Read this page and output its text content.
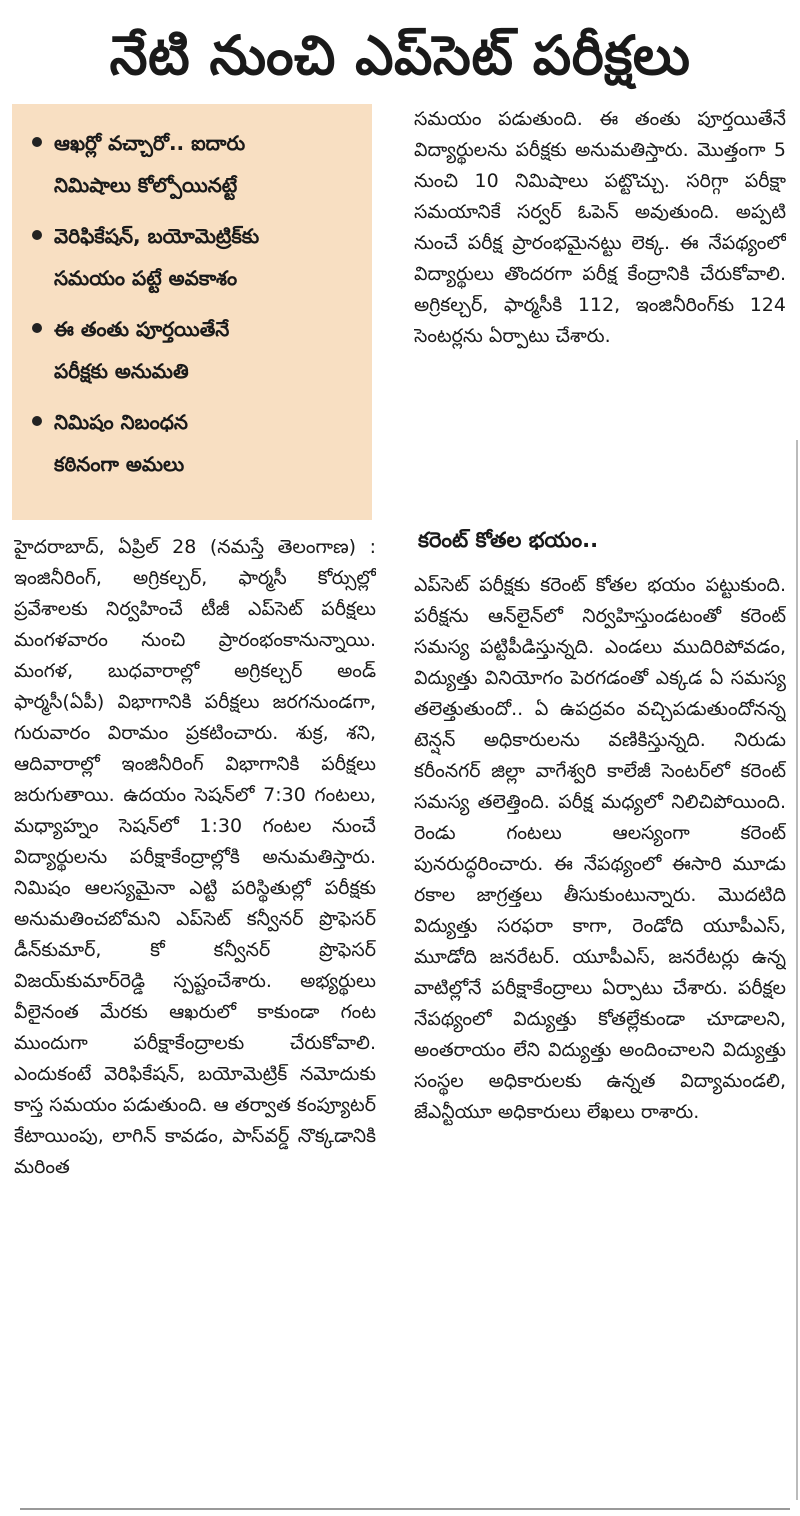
నేటి నుంచి ఎప్‌సెట్ పరీక్షలు
ఆఖర్లో వచ్చారో.. ఐదారు
నిమిషాలు కోల్పోయినట్టే
వెరిఫికేషన్, బయోమెట్రిక్‌కు
సమయం పట్టే అవకాశం
ఈ తంతు పూర్తయితేనే
పరీక్షకు అనుమతి
నిమిషం నిబంధన
కఠినంగా అమలు
హైదరాబాద్, ఏప్రిల్ 28 (నమస్తే తెలంగాణ) : ఇంజినీరింగ్, అగ్రికల్చర్, ఫార్మసీ కోర్సుల్లో ప్రవేశాలకు నిర్వహించే టీజీ ఎప్‌సెట్ పరీక్షలు మంగళవారం నుంచి ప్రారంభంకానున్నాయి. మంగళ, బుధవారాల్లో అగ్రికల్చర్ అండ్ ఫార్మసీ(ఏపీ) విభాగానికి పరీక్షలు జరగనుండగా, గురువారం విరామం ప్రకటించారు. శుక్ర, శని, ఆదివారాల్లో ఇంజినీరింగ్ విభాగానికి పరీక్షలు జరుగుతాయి. ఉదయం సెషన్‌లో 7:30 గంటలు, మధ్యాహ్నం సెషన్‌లో 1:30 గంటల నుంచే విద్యార్థులను పరీక్షాకేంద్రాల్లోకి అనుమతిస్తారు. నిమిషం ఆలస్యమైనా ఎట్టి పరిస్థితుల్లో పరీక్షకు అనుమతించబోమని ఎప్‌సెట్ కన్వీనర్ ప్రొఫెసర్ డీన్‌కుమార్, కో కన్వీనర్ ప్రొఫెసర్ విజయ్‌కుమార్‌రెడ్డి స్పష్టంచేశారు. అభ్యర్థులు వీలైనంత మేరకు ఆఖరులో కాకుండా గంట ముందుగా పరీక్షాకేంద్రాలకు చేరుకోవాలి. ఎందుకంటే వెరిఫికేషన్, బయోమెట్రిక్ నమోదుకు కాస్త సమయం పడుతుంది. ఆ తర్వాత కంప్యూటర్ కేటాయింపు, లాగిన్ కావడం, పాస్‌వర్డ్ నొక్కడానికి మరింత
సమయం పడుతుంది. ఈ తంతు పూర్తయితేనే విద్యార్థులను పరీక్షకు అనుమతిస్తారు. మొత్తంగా 5 నుంచి 10 నిమిషాలు పట్టొచ్చు. సరిగ్గా పరీక్షా సమయానికే సర్వర్ ఓపెన్ అవుతుంది. అప్పటి నుంచే పరీక్ష ప్రారంభమైనట్టు లెక్క. ఈ నేపథ్యంలో విద్యార్థులు తొందరగా పరీక్ష కేంద్రానికి చేరుకోవాలి. అగ్రికల్చర్, ఫార్మసీకి 112, ఇంజినీరింగ్‌కు 124 సెంటర్లను ఏర్పాటు చేశారు.
కరెంట్ కోతల భయం..
ఎప్‌సెట్ పరీక్షకు కరెంట్ కోతల భయం పట్టుకుంది. పరీక్షను ఆన్‌లైన్‌లో నిర్వహిస్తుండటంతో కరెంట్ సమస్య పట్టిపీడిస్తున్నది. ఎండలు ముదిరిపోవడం, విద్యుత్తు వినియోగం పెరగడంతో ఎక్కడ ఏ సమస్య తలెత్తుతుందో.. ఏ ఉపద్రవం వచ్చిపడుతుందోనన్న టెన్షన్ అధికారులను వణికిస్తున్నది. నిరుడు కరీంనగర్ జిల్లా వాగేశ్వరి కాలేజీ సెంటర్‌లో కరెంట్ సమస్య తలెత్తింది. పరీక్ష మధ్యలో నిలిచిపోయింది. రెండు గంటలు ఆలస్యంగా కరెంట్ పునరుద్ధరించారు. ఈ నేపథ్యంలో ఈసారి మూడు రకాల జాగ్రత్తలు తీసుకుంటున్నారు. మొదటిది విద్యుత్తు సరఫరా కాగా, రెండోది యూపీఎస్, మూడోది జనరేటర్. యూపీఎస్, జనరేటర్లు ఉన్న వాటిల్లోనే పరీక్షాకేంద్రాలు ఏర్పాటు చేశారు. పరీక్షల నేపథ్యంలో విద్యుత్తు కోతల్లేకుండా చూడాలని, అంతరాయం లేని విద్యుత్తు అందించాలని విద్యుత్తు సంస్థల అధికారులకు ఉన్నత విద్యామండలి, జేఎన్టీయూ అధికారులు లేఖలు రాశారు.
